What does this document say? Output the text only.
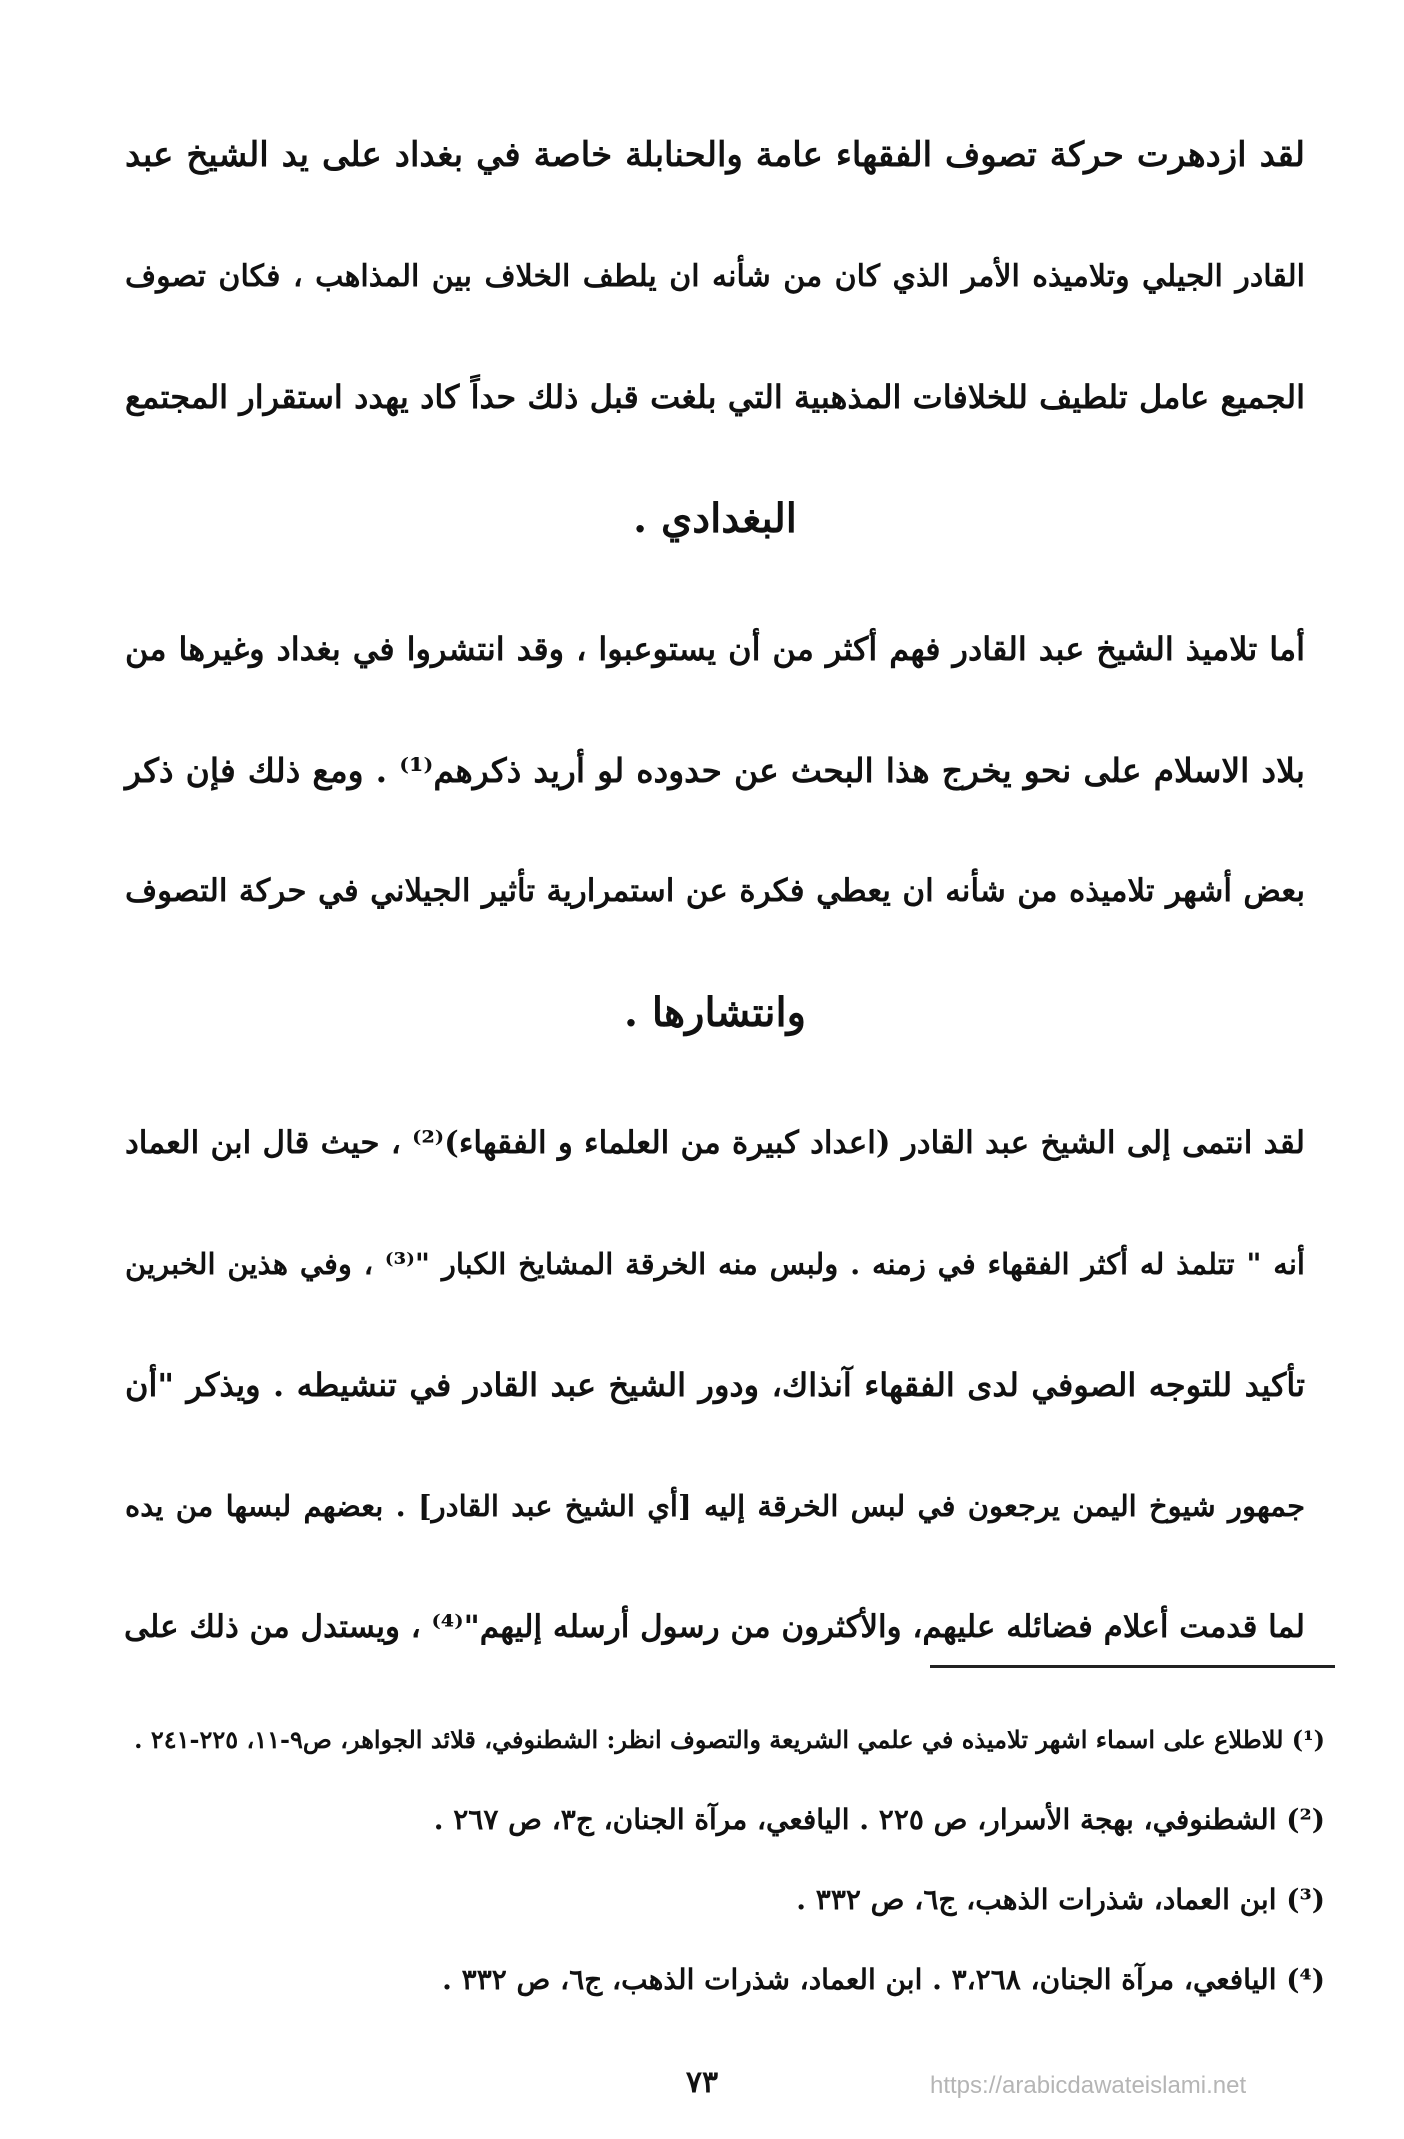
لقد ازدهرت حركة تصوف الفقهاء عامة والحنابلة خاصة في بغداد على يد الشيخ عبد
القادر الجيلي وتلاميذه الأمر الذي كان من شأنه ان يلطف الخلاف بين المذاهب ، فكان تصوف
الجميع عامل تلطيف للخلافات المذهبية التي بلغت قبل ذلك حداً كاد يهدد استقرار المجتمع
البغدادي .
أما تلاميذ الشيخ عبد القادر فهم أكثر من أن يستوعبوا ، وقد انتشروا في بغداد وغيرها من
بلاد الاسلام على نحو يخرج هذا البحث عن حدوده لو أريد ذكرهم⁽¹⁾ . ومع ذلك فإن ذكر
بعض أشهر تلاميذه من شأنه ان يعطي فكرة عن استمرارية تأثير الجيلاني في حركة التصوف
وانتشارها .
لقد انتمى إلى الشيخ عبد القادر (اعداد كبيرة من العلماء و الفقهاء)⁽²⁾ ، حيث قال ابن العماد
أنه " تتلمذ له أكثر الفقهاء في زمنه . ولبس منه الخرقة المشايخ الكبار "⁽³⁾ ، وفي هذين الخبرين
تأكيد للتوجه الصوفي لدى الفقهاء آنذاك، ودور الشيخ عبد القادر في تنشيطه . ويذكر "أن
جمهور شيوخ اليمن يرجعون في لبس الخرقة إليه [أي الشيخ عبد القادر] . بعضهم لبسها من يده
لما قدمت أعلام فضائله عليهم، والأكثرون من رسول أرسله إليهم"⁽⁴⁾ ، ويستدل من ذلك على
(¹) للاطلاع على اسماء اشهر تلاميذه في علمي الشريعة والتصوف انظر: الشطنوفي، قلائد الجواهر، ص٩-١١، ٢٢٥-٢٤١ .
(²) الشطنوفي، بهجة الأسرار، ص ٢٢٥ . اليافعي، مرآة الجنان، ج٣، ص ٢٦٧ .
(³) ابن العماد، شذرات الذهب، ج٦، ص ٣٣٢ .
(⁴) اليافعي، مرآة الجنان، ٣،٢٦٨ . ابن العماد، شذرات الذهب، ج٦، ص ٣٣٢ .
٧٣	https://arabicdawateislami.net
